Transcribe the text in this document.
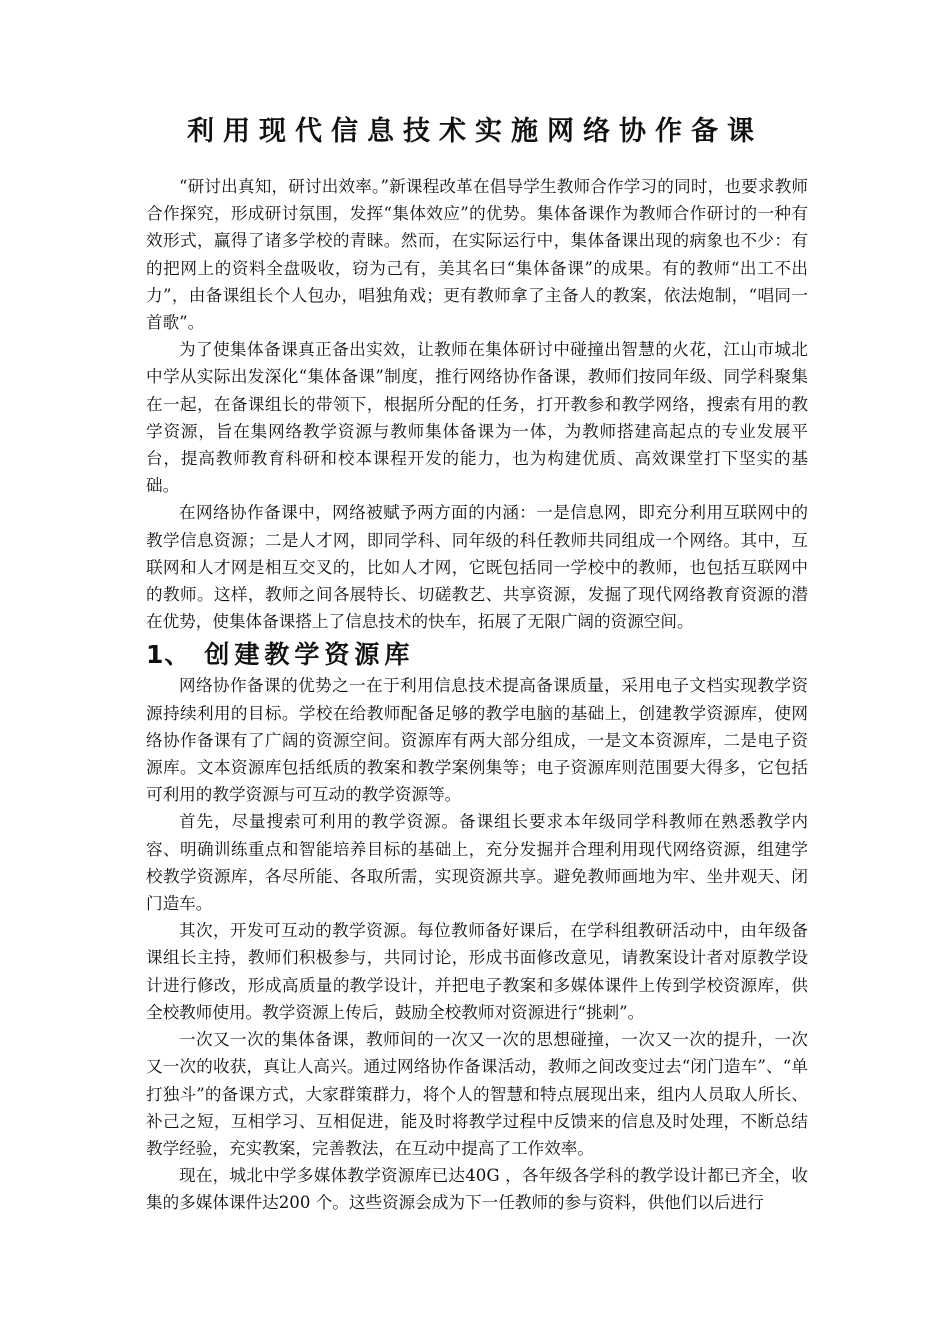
利用现代信息技术实施网络协作备课

“研讨出真知，研讨出效率。”新课程改革在倡导学生教师合作学习的同时，也要求教师合作探究，形成研讨氛围，发挥“集体效应”的优势。集体备课作为教师合作研讨的一种有效形式，赢得了诸多学校的青睐。然而，在实际运行中，集体备课出现的病象也不少：有的把网上的资料全盘吸收，窃为己有，美其名曰“集体备课”的成果。有的教师“出工不出力”，由备课组长个人包办，唱独角戏；更有教师拿了主备人的教案，依法炮制，“唱同一首歌”。

为了使集体备课真正备出实效，让教师在集体研讨中碰撞出智慧的火花，江山市城北中学从实际出发深化“集体备课”制度，推行网络协作备课，教师们按同年级、同学科聚集在一起，在备课组长的带领下，根据所分配的任务，打开教参和教学网络，搜索有用的教学资源，旨在集网络教学资源与教师集体备课为一体，为教师搭建高起点的专业发展平台，提高教师教育科研和校本课程开发的能力，也为构建优质、高效课堂打下坚实的基础。

在网络协作备课中，网络被赋予两方面的内涵：一是信息网，即充分利用互联网中的教学信息资源；二是人才网，即同学科、同年级的科任教师共同组成一个网络。其中，互联网和人才网是相互交叉的，比如人才网，它既包括同一学校中的教师，也包括互联网中的教师。这样，教师之间各展特长、切磋教艺、共享资源，发掘了现代网络教育资源的潜在优势，使集体备课搭上了信息技术的快车，拓展了无限广阔的资源空间。

1、 创建教学资源库

网络协作备课的优势之一在于利用信息技术提高备课质量，采用电子文档实现教学资源持续利用的目标。学校在给教师配备足够的教学电脑的基础上，创建教学资源库，使网络协作备课有了广阔的资源空间。资源库有两大部分组成，一是文本资源库，二是电子资源库。文本资源库包括纸质的教案和教学案例集等；电子资源库则范围要大得多，它包括可利用的教学资源与可互动的教学资源等。

首先，尽量搜索可利用的教学资源。备课组长要求本年级同学科教师在熟悉教学内容、明确训练重点和智能培养目标的基础上，充分发掘并合理利用现代网络资源，组建学校教学资源库，各尽所能、各取所需，实现资源共享。避免教师画地为牢、坐井观天、闭门造车。

其次，开发可互动的教学资源。每位教师备好课后，在学科组教研活动中，由年级备课组长主持，教师们积极参与，共同讨论，形成书面修改意见，请教案设计者对原教学设计进行修改，形成高质量的教学设计，并把电子教案和多媒体课件上传到学校资源库，供全校教师使用。教学资源上传后，鼓励全校教师对资源进行“挑刺”。

一次又一次的集体备课，教师间的一次又一次的思想碰撞，一次又一次的提升，一次又一次的收获，真让人高兴。通过网络协作备课活动，教师之间改变过去“闭门造车”、“单打独斗”的备课方式，大家群策群力，将个人的智慧和特点展现出来，组内人员取人所长、补己之短，互相学习、互相促进，能及时将教学过程中反馈来的信息及时处理，不断总结教学经验，充实教案，完善教法，在互动中提高了工作效率。

现在，城北中学多媒体教学资源库已达40G ，各年级各学科的教学设计都已齐全，收集的多媒体课件达200 个。这些资源会成为下一任教师的参与资料，供他们以后进行
